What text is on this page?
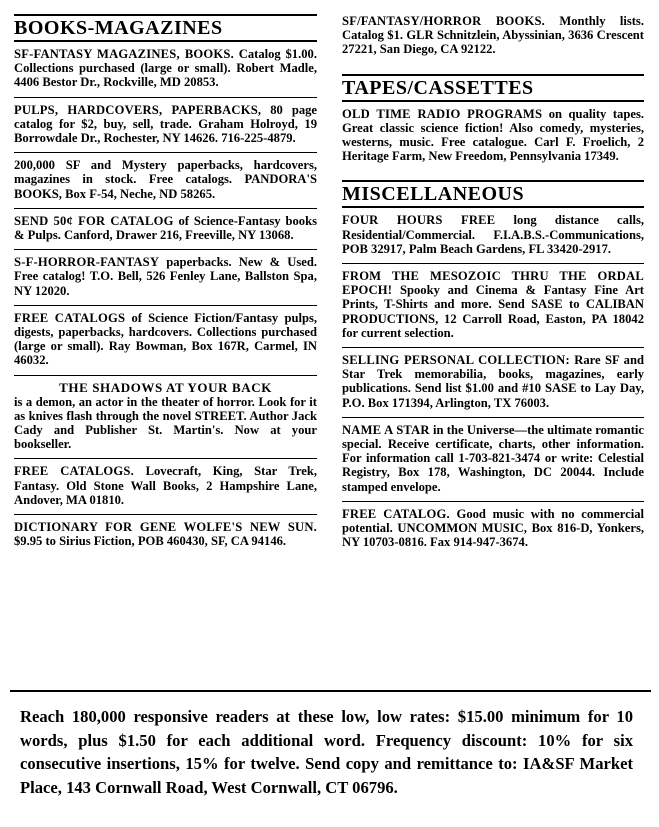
BOOKS-MAGAZINES
SF-FANTASY MAGAZINES, BOOKS. Catalog $1.00. Collections purchased (large or small). Robert Madle, 4406 Bestor Dr., Rockville, MD 20853.
PULPS, HARDCOVERS, PAPERBACKS, 80 page catalog for $2, buy, sell, trade. Graham Holroyd, 19 Borrowdale Dr., Rochester, NY 14626. 716-225-4879.
200,000 SF and Mystery paperbacks, hardcovers, magazines in stock. Free catalogs. PANDORA'S BOOKS, Box F-54, Neche, ND 58265.
SEND 50¢ FOR CATALOG of Science-Fantasy books & Pulps. Canford, Drawer 216, Freeville, NY 13068.
S-F-HORROR-FANTASY paperbacks. New & Used. Free catalog! T.O. Bell, 526 Fenley Lane, Ballston Spa, NY 12020.
FREE CATALOGS of Science Fiction/Fantasy pulps, digests, paperbacks, hardcovers. Collections purchased (large or small). Ray Bowman, Box 167R, Carmel, IN 46032.
THE SHADOWS AT YOUR BACK
is a demon, an actor in the theater of horror. Look for it as knives flash through the novel STREET. Author Jack Cady and Publisher St. Martin's. Now at your bookseller.
FREE CATALOGS. Lovecraft, King, Star Trek, Fantasy. Old Stone Wall Books, 2 Hampshire Lane, Andover, MA 01810.
DICTIONARY FOR GENE WOLFE'S NEW SUN. $9.95 to Sirius Fiction, POB 460430, SF, CA 94146.
SF/FANTASY/HORROR BOOKS. Monthly lists. Catalog $1. GLR Schnitzlein, Abyssinian, 3636 Crescent 27221, San Diego, CA 92122.
TAPES/CASSETTES
OLD TIME RADIO PROGRAMS on quality tapes. Great classic science fiction! Also comedy, mysteries, westerns, music. Free catalogue. Carl F. Froelich, 2 Heritage Farm, New Freedom, Pennsylvania 17349.
MISCELLANEOUS
FOUR HOURS FREE long distance calls, Residential/Commercial. F.I.A.B.S.-Communications, POB 32917, Palm Beach Gardens, FL 33420-2917.
FROM THE MESOZOIC THRU THE ORDAL EPOCH! Spooky and Cinema & Fantasy Fine Art Prints, T-Shirts and more. Send SASE to CALIBAN PRODUCTIONS, 12 Carroll Road, Easton, PA 18042 for current selection.
SELLING PERSONAL COLLECTION: Rare SF and Star Trek memorabilia, books, magazines, early publications. Send list $1.00 and #10 SASE to Lay Day, P.O. Box 171394, Arlington, TX 76003.
NAME A STAR in the Universe—the ultimate romantic special. Receive certificate, charts, other information. For information call 1-703-821-3474 or write: Celestial Registry, Box 178, Washington, DC 20044. Include stamped envelope.
FREE CATALOG. Good music with no commercial potential. UNCOMMON MUSIC, Box 816-D, Yonkers, NY 10703-0816. Fax 914-947-3674.
Reach 180,000 responsive readers at these low, low rates: $15.00 minimum for 10 words, plus $1.50 for each additional word. Frequency discount: 10% for six consecutive insertions, 15% for twelve. Send copy and remittance to: IA&SF Market Place, 143 Cornwall Road, West Cornwall, CT 06796.
